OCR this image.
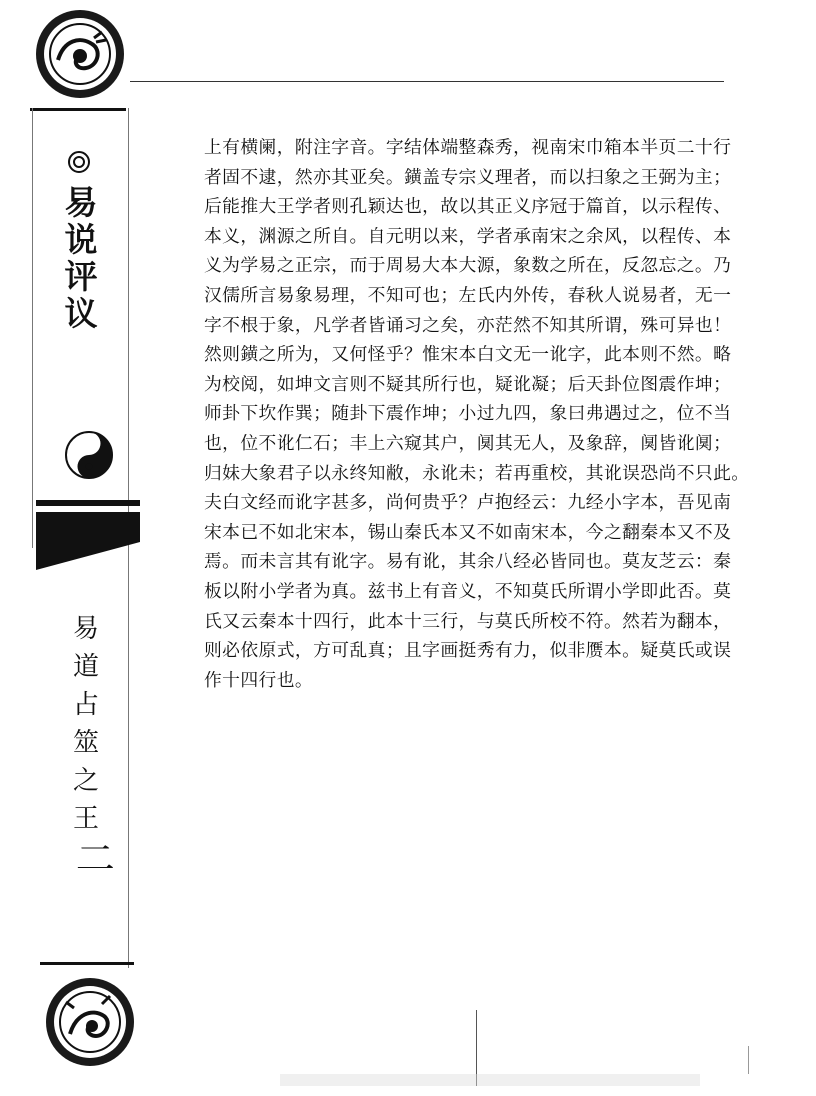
易
说
评
议
易
道
占
筮
之
王
二
上有横阑，附注字音。字结体端整森秀，视南宋巾箱本半页二十行
者固不逮，然亦其亚矣。鐄盖专宗义理者，而以扫象之王弼为主；
后能推大王学者则孔颖达也，故以其正义序冠于篇首，以示程传、
本义，渊源之所自。自元明以来，学者承南宋之余风，以程传、本
义为学易之正宗，而于周易大本大源，象数之所在，反忽忘之。乃
汉儒所言易象易理，不知可也；左氏内外传，春秋人说易者，无一
字不根于象，凡学者皆诵习之矣，亦茫然不知其所谓，殊可异也！
然则鐄之所为，又何怪乎？惟宋本白文无一讹字，此本则不然。略
为校阅，如坤文言则不疑其所行也，疑讹凝；后天卦位图震作坤；
师卦下坎作巽；随卦下震作坤；小过九四，象曰弗遇过之，位不当
也，位不讹仁石；丰上六窥其户，阒其无人，及象辞，阒皆讹阒；
归妹大象君子以永终知敝，永讹未；若再重校，其讹误恐尚不只此。
夫白文经而讹字甚多，尚何贵乎？卢抱经云：九经小字本，吾见南
宋本已不如北宋本，锡山秦氏本又不如南宋本，今之翻秦本又不及
焉。而未言其有讹字。易有讹，其余八经必皆同也。莫友芝云：秦
板以附小学者为真。兹书上有音义，不知莫氏所谓小学即此否。莫
氏又云秦本十四行，此本十三行，与莫氏所校不符。然若为翻本，
则必依原式，方可乱真；且字画挺秀有力，似非赝本。疑莫氏或误
作十四行也。
